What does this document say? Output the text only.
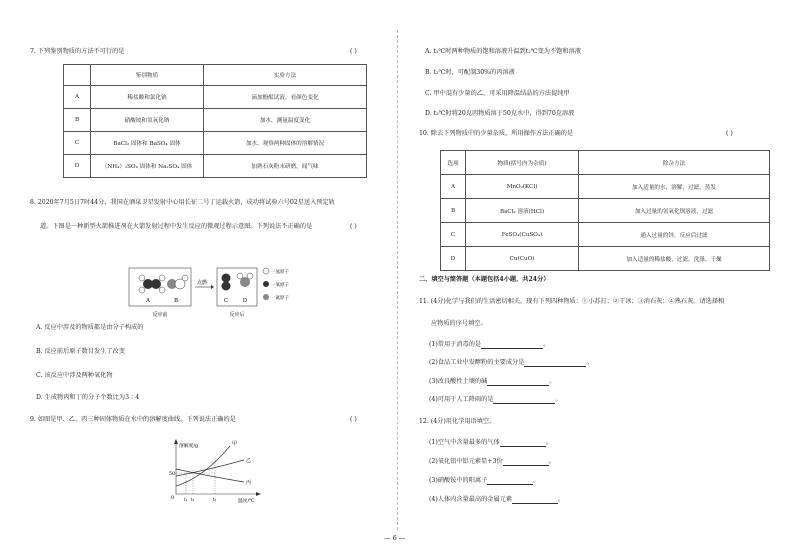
7. 下列鉴别物质的方法不可行的是	( )
	鉴别物质	实验方法
A	稀盐酸和氯化钠	滴加酚酞试液，看颜色变化
B	硝酸铵和氢氧化钠	加水，测量温度变化
C	BaCl₂ 固体和 BaSO₄ 固体	加水，观察两种固体的溶解情况
D	（NH₄）₂SO₄ 固体和 Na₂SO₄ 固体	加熟石灰粉末研磨，闻气味
8. 2020年7月5日7时44分，我国在酒泉卫星发射中心用长征二号丁运载火箭，成功将试验六号02星送入预定轨
道。下图是一种新型火箭推进剂在火箭发射过程中发生反应的微观过程示意图。下列说法不正确的是	( )
A	B
点燃
C	D
反应前	反应后
一氢原子
一氧原子
一氮原子
A. 反应中涉及的物质都是由分子构成的
B. 反应前后原子数目发生了改变
C. 该反应中涉及两种氧化物
D. 生成物丙和丁的分子个数比为3∶4
9. 如图是甲、乙、丙三种固体物质在水中的溶解度曲线。下列说法正确的是	( )
溶解度/g
温度/℃
50
0 t₁ t₂	t₃
甲
乙
丙
A. t₁℃时两种物质的饱和溶液升温到t₂℃变为不饱和溶液
B. t₂℃时，可配制30%的丙溶液
C. 甲中混有少量的乙，可采用降温结晶的方法提纯甲
D. t₃℃时将20克丙物质溶于50克水中，得到70克溶液
10. 除去下列物质中的少量杂质，所用操作方法正确的是	( )
选项	物质(括号内为杂质)	除杂方法
A	MnO₂(KCl)	加入适量的水，溶解，过滤，蒸发
B	BaCl₂ 溶液(HCl)	加入过量的氢氧化钡溶液，过滤
C	FeSO₄(CuSO₄)	通入过量的锌，反应后过滤
D	Cu(CuO)	加入适量的稀盐酸，过滤、洗涤、干燥
二、填空与简答题（本题包括4小题，共24分）
11. (4分)化学与我们的生活密切相关。现有下列四种物质：①小苏打；②干冰；③消石灰；④熟石灰。请选择相
应物质的序号填空。
(1)常用于消毒的是	。
(2)食品工业中发酵粉的主要成分是	。
(3)改良酸性土壤的碱	。
(4)可用于人工降雨的是	。
12. (4分)用化学用语填空。
(1)空气中含量最多的气体	。
(2)氧化铝中铝元素显+3价	。
(3)硝酸铵中的阳离子	。
(4)人体内含量最高的金属元素	。
— 6 —
